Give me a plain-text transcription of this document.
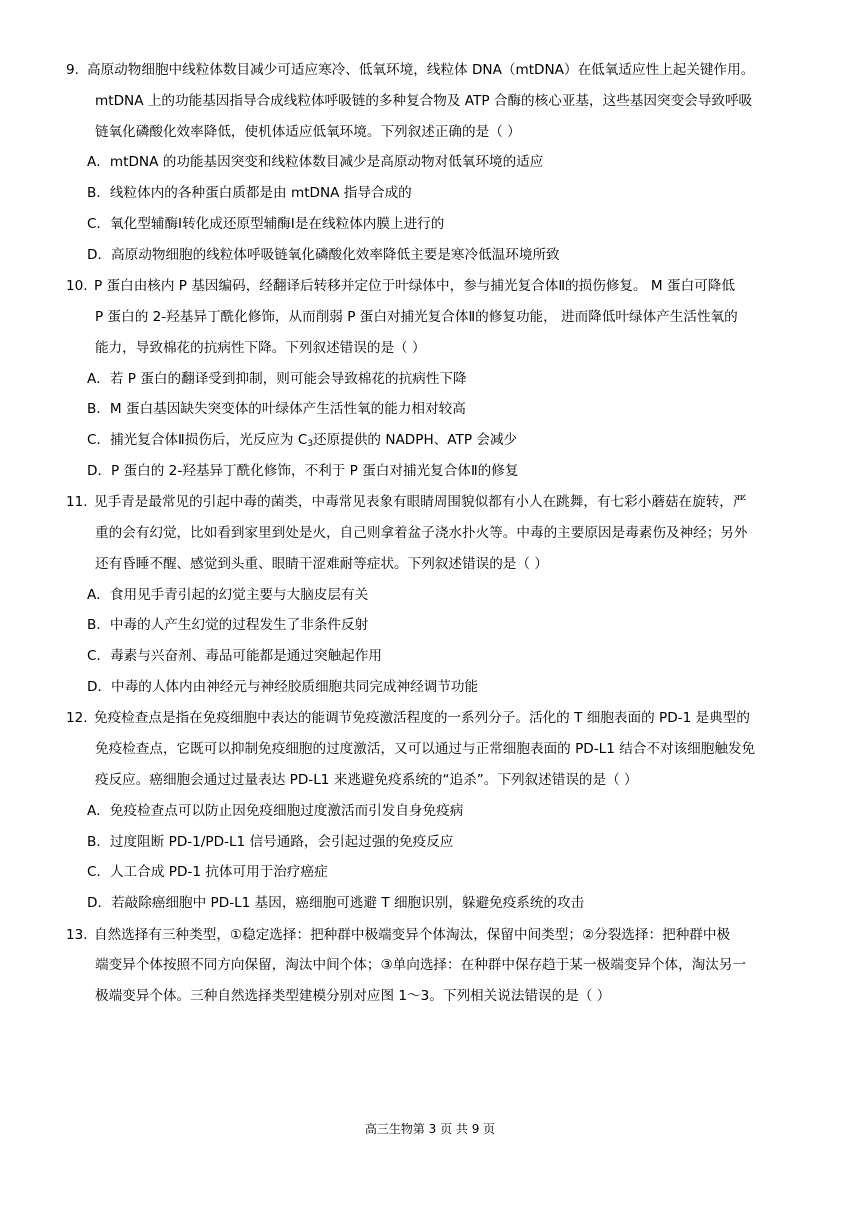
9. 高原动物细胞中线粒体数目减少可适应寒冷、低氧环境，线粒体 DNA（mtDNA）在低氧适应性上起关键作用。
mtDNA 上的功能基因指导合成线粒体呼吸链的多种复合物及 ATP 合酶的核心亚基，这些基因突变会导致呼吸
链氧化磷酸化效率降低，使机体适应低氧环境。下列叙述正确的是（ ）
A．mtDNA 的功能基因突变和线粒体数目减少是高原动物对低氧环境的适应
B．线粒体内的各种蛋白质都是由 mtDNA 指导合成的
C．氧化型辅酶Ⅰ转化成还原型辅酶Ⅰ是在线粒体内膜上进行的
D．高原动物细胞的线粒体呼吸链氧化磷酸化效率降低主要是寒冷低温环境所致
10. P 蛋白由核内 P 基因编码，经翻译后转移并定位于叶绿体中，参与捕光复合体Ⅱ的损伤修复。 M 蛋白可降低
P 蛋白的 2-羟基异丁酰化修饰，从而削弱 P 蛋白对捕光复合体Ⅱ的修复功能， 进而降低叶绿体产生活性氧的
能力，导致棉花的抗病性下降。下列叙述错误的是（ ）
A．若 P 蛋白的翻译受到抑制，则可能会导致棉花的抗病性下降
B．M 蛋白基因缺失突变体的叶绿体产生活性氧的能力相对较高
C．捕光复合体Ⅱ损伤后，光反应为 $C_3$还原提供的 NADPH、ATP 会减少
D．P 蛋白的 2-羟基异丁酰化修饰，不利于 P 蛋白对捕光复合体Ⅱ的修复
11. 见手青是最常见的引起中毒的菌类，中毒常见表象有眼睛周围貌似都有小人在跳舞，有七彩小蘑菇在旋转，严
重的会有幻觉，比如看到家里到处是火，自己则拿着盆子浇水扑火等。中毒的主要原因是毒素伤及神经；另外
还有昏睡不醒、感觉到头重、眼睛干涩难耐等症状。下列叙述错误的是（ ）
A．食用见手青引起的幻觉主要与大脑皮层有关
B．中毒的人产生幻觉的过程发生了非条件反射
C．毒素与兴奋剂、毒品可能都是通过突触起作用
D．中毒的人体内由神经元与神经胶质细胞共同完成神经调节功能
12. 免疫检查点是指在免疫细胞中表达的能调节免疫激活程度的一系列分子。活化的 T 细胞表面的 PD-1 是典型的
免疫检查点，它既可以抑制免疫细胞的过度激活，又可以通过与正常细胞表面的 PD-L1 结合不对该细胞触发免
疫反应。癌细胞会通过过量表达 PD-L1 来逃避免疫系统的“追杀”。下列叙述错误的是（ ）
A．免疫检查点可以防止因免疫细胞过度激活而引发自身免疫病
B．过度阻断 PD-1/PD-L1 信号通路，会引起过强的免疫反应
C．人工合成 PD-1 抗体可用于治疗癌症
D．若敲除癌细胞中 PD-L1 基因，癌细胞可逃避 T 细胞识别，躲避免疫系统的攻击
13. 自然选择有三种类型，①稳定选择：把种群中极端变异个体淘汰，保留中间类型；②分裂选择：把种群中极
端变异个体按照不同方向保留，淘汰中间个体；③单向选择：在种群中保存趋于某一极端变异个体，淘汰另一
极端变异个体。三种自然选择类型建模分别对应图 1～3。下列相关说法错误的是（ ）
高三生物第 3 页 共 9 页
